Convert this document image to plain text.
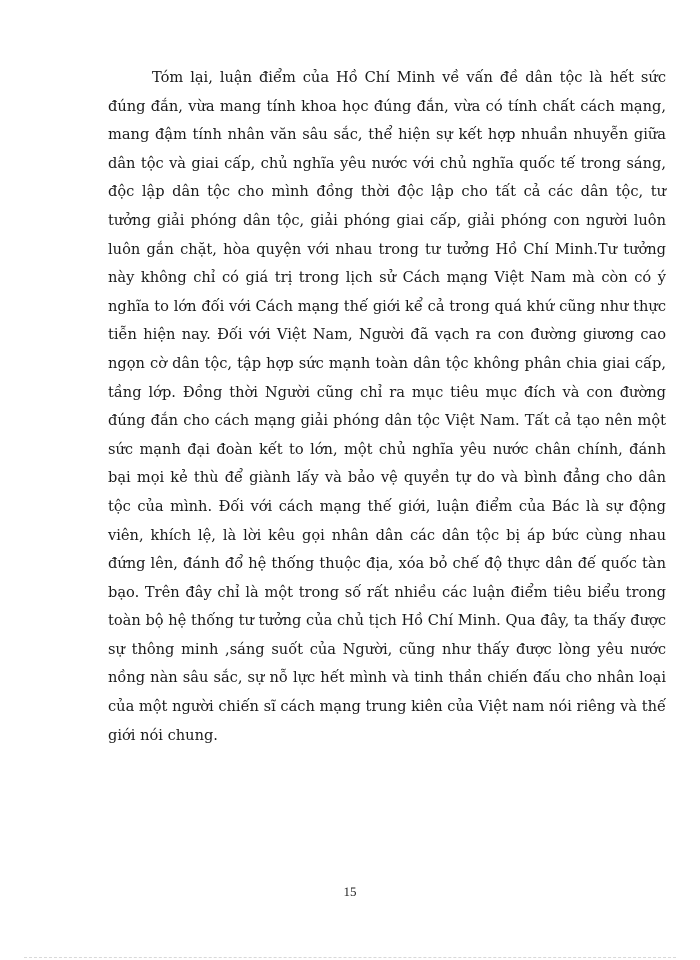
Tóm lại, luận điểm của Hồ Chí Minh về vấn đề dân tộc là hết sức đúng đắn, vừa mang tính khoa học đúng đắn, vừa có tính chất cách mạng, mang đậm tính nhân văn sâu sắc, thể hiện sự kết hợp nhuần nhuyễn giữa dân tộc và giai cấp, chủ nghĩa yêu nước với chủ nghĩa quốc tế trong sáng, độc lập dân tộc cho mình đồng thời độc lập cho tất cả các dân tộc, tư tưởng giải phóng dân tộc, giải phóng giai cấp, giải phóng con người luôn luôn gắn chặt, hòa quyện với nhau trong tư tưởng Hồ Chí Minh.Tư tưởng này không chỉ có giá trị trong lịch sử Cách mạng Việt Nam mà còn có ý nghĩa to lớn đối với Cách mạng thế giới kể cả trong quá khứ cũng như thực tiễn hiện nay. Đối với Việt Nam, Người đã vạch ra con đường giương cao ngọn cờ dân tộc, tập hợp sức mạnh toàn dân tộc không phân chia giai cấp, tầng lớp. Đồng thời Người cũng chỉ ra mục tiêu mục đích và con đường đúng đắn cho cách mạng giải phóng dân tộc Việt Nam. Tất cả tạo nên một sức mạnh đại đoàn kết to lớn, một chủ nghĩa yêu nước chân chính, đánh bại mọi kẻ thù để giành lấy và bảo vệ quyền tự do và bình đẳng cho dân tộc của mình. Đối với cách mạng thế giới, luận điểm của Bác là sự động viên, khích lệ, là lời kêu gọi nhân dân các dân tộc bị áp bức cùng nhau đứng lên, đánh đổ hệ thống thuộc địa, xóa bỏ chế độ thực dân đế quốc tàn bạo. Trên đây chỉ là một trong số rất nhiều các luận điểm tiêu biểu trong toàn bộ hệ thống tư tưởng của chủ tịch Hồ Chí Minh. Qua đây, ta thấy được sự thông minh ,sáng suốt của Người, cũng như thấy được lòng yêu nước nồng nàn sâu sắc, sự nỗ lực hết mình và tinh thần chiến đấu cho nhân loại của một người chiến sĩ cách mạng trung kiên của Việt nam nói riêng và thế giới nói chung.

15
